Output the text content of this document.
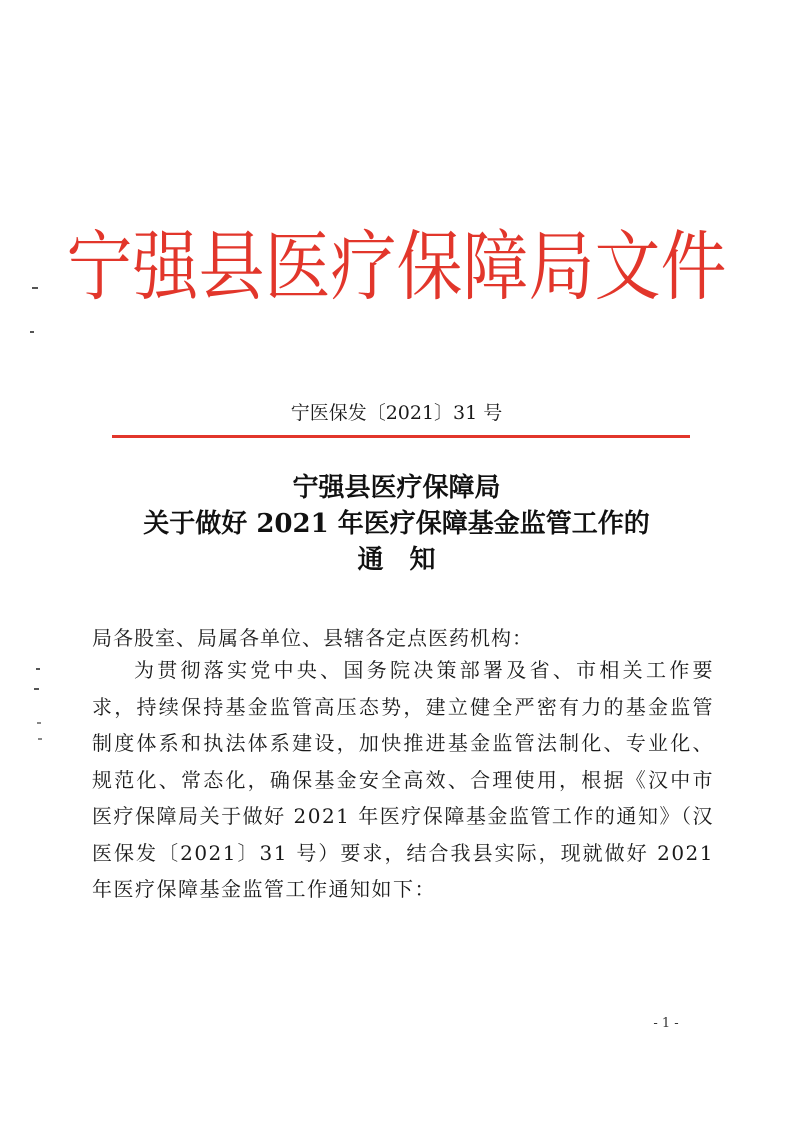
宁强县医疗保障局文件
宁医保发〔2021〕31 号
宁强县医疗保障局
关于做好 2021 年医疗保障基金监管工作的
通知
局各股室、局属各单位、县辖各定点医药机构：
为贯彻落实党中央、国务院决策部署及省、市相关工作要求，持续保持基金监管高压态势，建立健全严密有力的基金监管制度体系和执法体系建设，加快推进基金监管法制化、专业化、规范化、常态化，确保基金安全高效、合理使用，根据《汉中市医疗保障局关于做好 2021 年医疗保障基金监管工作的通知》（汉医保发〔2021〕31 号）要求，结合我县实际，现就做好 2021 年医疗保障基金监管工作通知如下：
- 1 -
